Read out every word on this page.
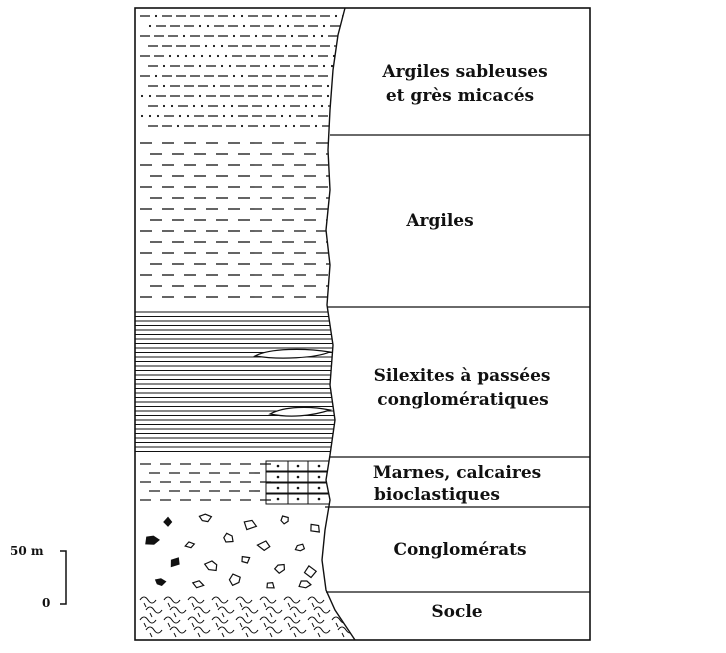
Argiles sableuses et grès micacés
Argiles
Silexites à passées conglomératiques
Marnes, calcaires bioclastiques
Conglomérats
Socle
50 m
0
